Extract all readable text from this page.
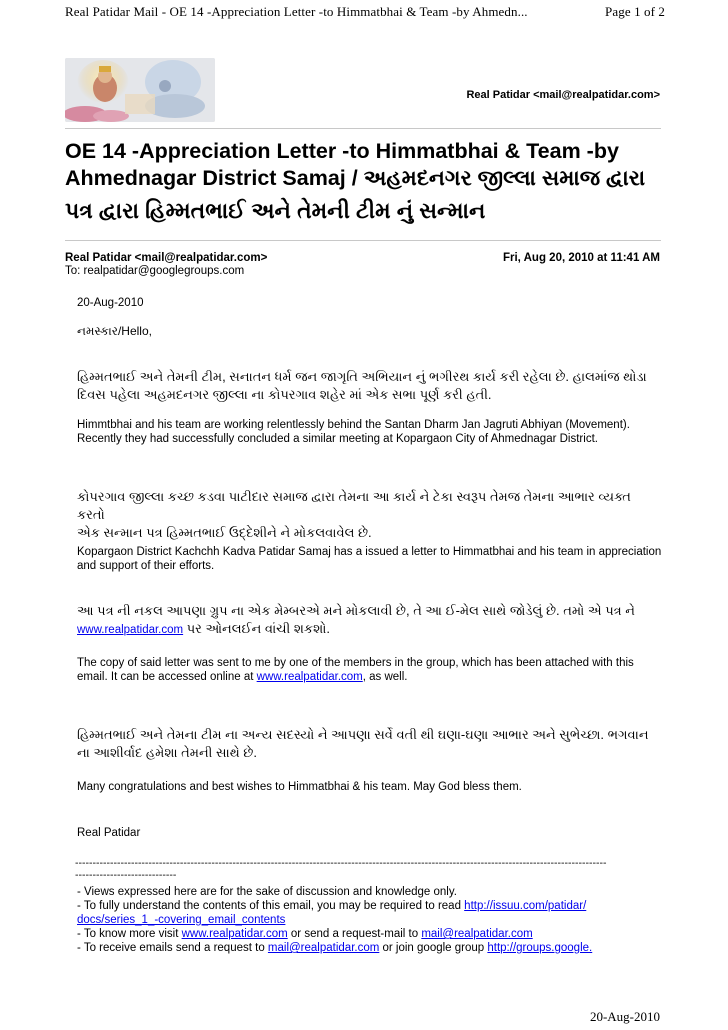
Real Patidar Mail - OE 14 -Appreciation Letter -to Himmatbhai & Team -by Ahmedn...	Page 1 of 2
Real Patidar <mail@realpatidar.com>
OE 14 -Appreciation Letter -to Himmatbhai & Team -by
Ahmednagar District Samaj / અહમદનગર જીલ્લા સમાજ દ્વારા
પત્ર દ્વારા હિમ્મતભાઈ અને તેમની ટીમ નું સન્માન
Real Patidar <mail@realpatidar.com>	Fri, Aug 20, 2010 at 11:41 AM
To: realpatidar@googlegroups.com
20-Aug-2010
નમસ્કાર/Hello,
હિમ્મતભાઈ અને તેમની ટીમ, સનાતન ધર્મ જન જાગૃતિ અભિયાન નું ભગીરથ કાર્ય કરી રહેલા છે. હાલમાંજ થોડા
દિવસ પહેલા અહમદનગર જીલ્લા ના કોપરગાવ શહેર માં એક સભા પૂર્ણ કરી હતી.
Himmtbhai and his team are working relentlessly behind the Santan Dharm Jan Jagruti Abhiyan (Movement). Recently they had successfully concluded a similar meeting at Kopargaon City of Ahmednagar District.
કોપરગાવ જીલ્લા કચ્છ કડવા પાટીદાર સમાજ દ્વારા તેમના આ કાર્ય ને ટેકા સ્વરૂપ તેમજ તેમના આભાર વ્યક્ત કરતો
એક સન્માન પત્ર હિમ્મતભાઈ ઉદ્દેશીને ને મોકલવાવેલ છે.
Kopargaon District Kachchh Kadva Patidar Samaj has a issued a letter to Himmatbhai and his team in appreciation and support of their efforts.
આ પત્ર ની નકલ આપણા ગ્રુપ ના એક મેમ્બરએ મને મોકલાવી છે, તે આ ઈ-મેલ સાથે જોડેલું છે. તમો એ પત્ર ને
www.realpatidar.com પર ઓનલઈન વાંચી શકશો.
The copy of said letter was sent to me by one of the members in the group, which has been attached with this email. It can be accessed online at www.realpatidar.com, as well.
હિમ્મતભાઈ અને તેમના ટીમ ના અન્ય સદસ્યો ને આપણા સર્વે વતી થી ઘણા-ઘણા આભાર અને સુભેચ્છા. ભગવાન
ના આશીર્વાદ હમેશા તેમની સાથે છે.
Many congratulations and best wishes to Himmatbhai & his team. May God bless them.
Real Patidar
--------------------------------------------------------------------------------------------------------------------------------------------------------
-----------------------------
- Views expressed here are for the sake of discussion and knowledge only.
- To fully understand the contents of this email, you may be required to read http://issuu.com/patidar/
docs/series_1_-covering_email_contents
- To know more visit www.realpatidar.com or send a request-mail to mail@realpatidar.com
- To receive emails send a request to mail@realpatidar.com or join google group http://groups.google.
20-Aug-2010
